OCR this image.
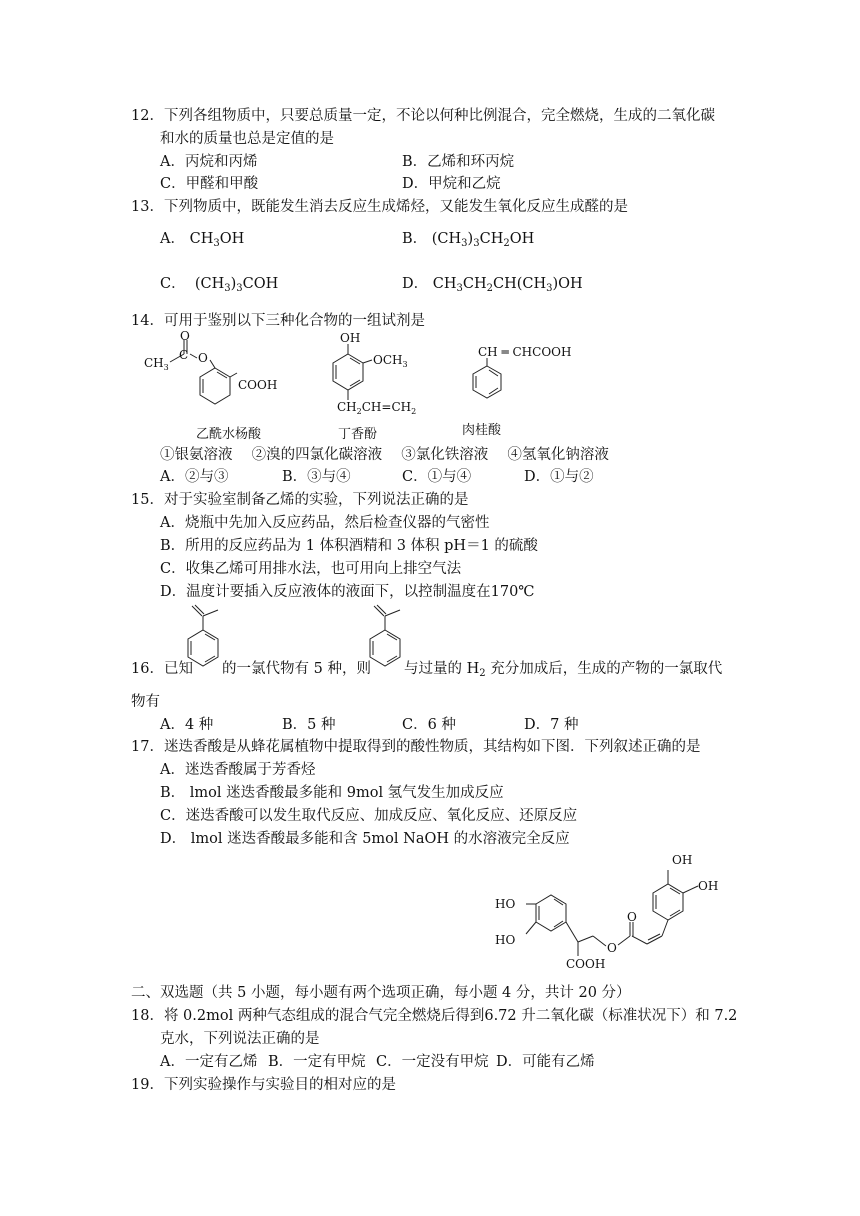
12．下列各组物质中，只要总质量一定，不论以何种比例混合，完全燃烧，生成的二氧化碳
和水的质量也总是定值的是
A．丙烷和丙烯	B．乙烯和环丙烷
C．甲醛和甲酸	D．甲烷和乙烷
13．下列物质中，既能发生消去反应生成烯烃，又能发生氧化反应生成醛的是
A． $CH_3OH$	B． $(CH_3)_3CH_2OH$
C． $(CH_3)_3COH$	D． $CH_3CH_2CH(CH_3)OH$
14．可用于鉴别以下三种化合物的一组试剂是
$CH_3$
C
O
O
COOH
乙酰水杨酸
OH
$OCH_3$
$CH_2CH=CH_2$
丁香酚
CH ═ CHCOOH
肉桂酸
①银氨溶液　 ②溴的四氯化碳溶液　 ③氯化铁溶液　 ④氢氧化钠溶液
A．②与③	B．③与④	C．①与④	D．①与②
15．对于实验室制备乙烯的实验，下列说法正确的是
A．烧瓶中先加入反应药品，然后检查仪器的气密性
B．所用的反应药品为 1 体积酒精和 3 体积 pH＝1 的硫酸
C．收集乙烯可用排水法，也可用向上排空气法
D．温度计要插入反应液体的液面下，以控制温度在170℃
16．已知 的一氯代物有 5 种，则 与过量的 $H_2$ 充分加成后，生成的产物的一氯取代
物有
A．4 种	B．5 种	C．6 种	D．7 种
17．迷迭香酸是从蜂花属植物中提取得到的酸性物质，其结构如下图．下列叙述正确的是
A．迷迭香酸属于芳香烃
B． lmol 迷迭香酸最多能和 9mol 氢气发生加成反应
C．迷迭香酸可以发生取代反应、加成反应、氧化反应、还原反应
D． lmol 迷迭香酸最多能和含 5mol NaOH 的水溶液完全反应
OH
OH
HO
HO
O
O
COOH
二、双选题（共 5 小题，每小题有两个选项正确，每小题 4 分，共计 20 分）
18．将 0.2mol 两种气态组成的混合气完全燃烧后得到6.72 升二氧化碳（标准状况下）和 7.2
克水，下列说法正确的是
A．一定有乙烯 B．一定有甲烷 C．一定没有甲烷 D．可能有乙烯
19．下列实验操作与实验目的相对应的是
